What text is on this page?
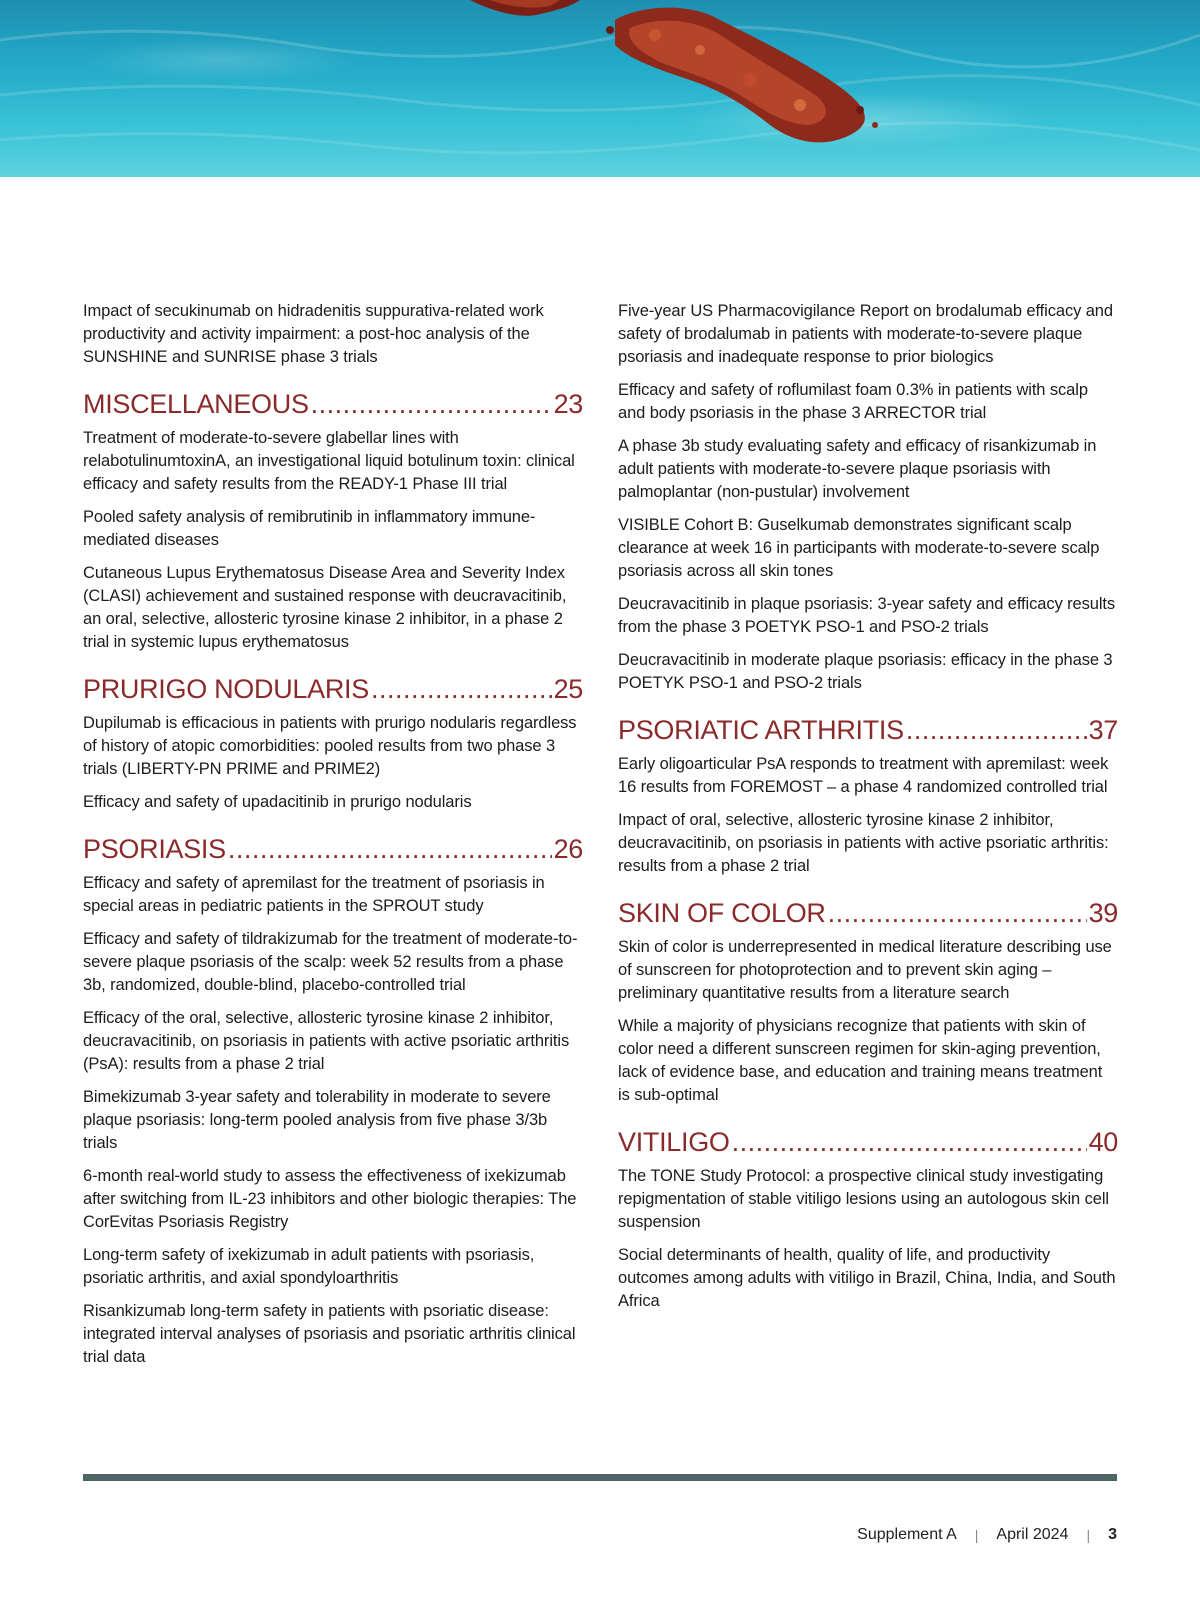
Impact of secukinumab on hidradenitis suppurativa-related work productivity and activity impairment: a post-hoc analysis of the SUNSHINE and SUNRISE phase 3 trials

MISCELLANEOUS .....	23

Treatment of moderate-to-severe glabellar lines with relabotulinumtoxinA, an investigational liquid botulinum toxin: clinical efficacy and safety results from the READY-1 Phase III trial

Pooled safety analysis of remibrutinib in inflammatory immune-mediated diseases

Cutaneous Lupus Erythematosus Disease Area and Severity Index (CLASI) achievement and sustained response with deucravacitinib, an oral, selective, allosteric tyrosine kinase 2 inhibitor, in a phase 2 trial in systemic lupus erythematosus

PRURIGO NODULARIS .....	25

Dupilumab is efficacious in patients with prurigo nodularis regardless of history of atopic comorbidities: pooled results from two phase 3 trials (LIBERTY-PN PRIME and PRIME2)

Efficacy and safety of upadacitinib in prurigo nodularis

PSORIASIS .....	26

Efficacy and safety of apremilast for the treatment of psoriasis in special areas in pediatric patients in the SPROUT study

Efficacy and safety of tildrakizumab for the treatment of moderate-to-severe plaque psoriasis of the scalp: week 52 results from a phase 3b, randomized, double-blind, placebo-controlled trial

Efficacy of the oral, selective, allosteric tyrosine kinase 2 inhibitor, deucravacitinib, on psoriasis in patients with active psoriatic arthritis (PsA): results from a phase 2 trial

Bimekizumab 3-year safety and tolerability in moderate to severe plaque psoriasis: long-term pooled analysis from five phase 3/3b trials

6-month real-world study to assess the effectiveness of ixekizumab after switching from IL-23 inhibitors and other biologic therapies: The CorEvitas Psoriasis Registry

Long-term safety of ixekizumab in adult patients with psoriasis, psoriatic arthritis, and axial spondyloarthritis

Risankizumab long-term safety in patients with psoriatic disease: integrated interval analyses of psoriasis and psoriatic arthritis clinical trial data

Five-year US Pharmacovigilance Report on brodalumab efficacy and safety of brodalumab in patients with moderate-to-severe plaque psoriasis and inadequate response to prior biologics

Efficacy and safety of roflumilast foam 0.3% in patients with scalp and body psoriasis in the phase 3 ARRECTOR trial

A phase 3b study evaluating safety and efficacy of risankizumab in adult patients with moderate-to-severe plaque psoriasis with palmoplantar (non-pustular) involvement

VISIBLE Cohort B: Guselkumab demonstrates significant scalp clearance at week 16 in participants with moderate-to-severe scalp psoriasis across all skin tones

Deucravacitinib in plaque psoriasis: 3-year safety and efficacy results from the phase 3 POETYK PSO-1 and PSO-2 trials

Deucravacitinib in moderate plaque psoriasis: efficacy in the phase 3 POETYK PSO-1 and PSO-2 trials

PSORIATIC ARTHRITIS .....	37

Early oligoarticular PsA responds to treatment with apremilast: week 16 results from FOREMOST – a phase 4 randomized controlled trial

Impact of oral, selective, allosteric tyrosine kinase 2 inhibitor, deucravacitinib, on psoriasis in patients with active psoriatic arthritis: results from a phase 2 trial

SKIN OF COLOR .....	39

Skin of color is underrepresented in medical literature describing use of sunscreen for photoprotection and to prevent skin aging – preliminary quantitative results from a literature search

While a majority of physicians recognize that patients with skin of color need a different sunscreen regimen for skin-aging prevention, lack of evidence base, and education and training means treatment is sub-optimal

VITILIGO .....	40

The TONE Study Protocol: a prospective clinical study investigating repigmentation of stable vitiligo lesions using an autologous skin cell suspension

Social determinants of health, quality of life, and productivity outcomes among adults with vitiligo in Brazil, China, India, and South Africa

Supplement A | April 2024 | 3
